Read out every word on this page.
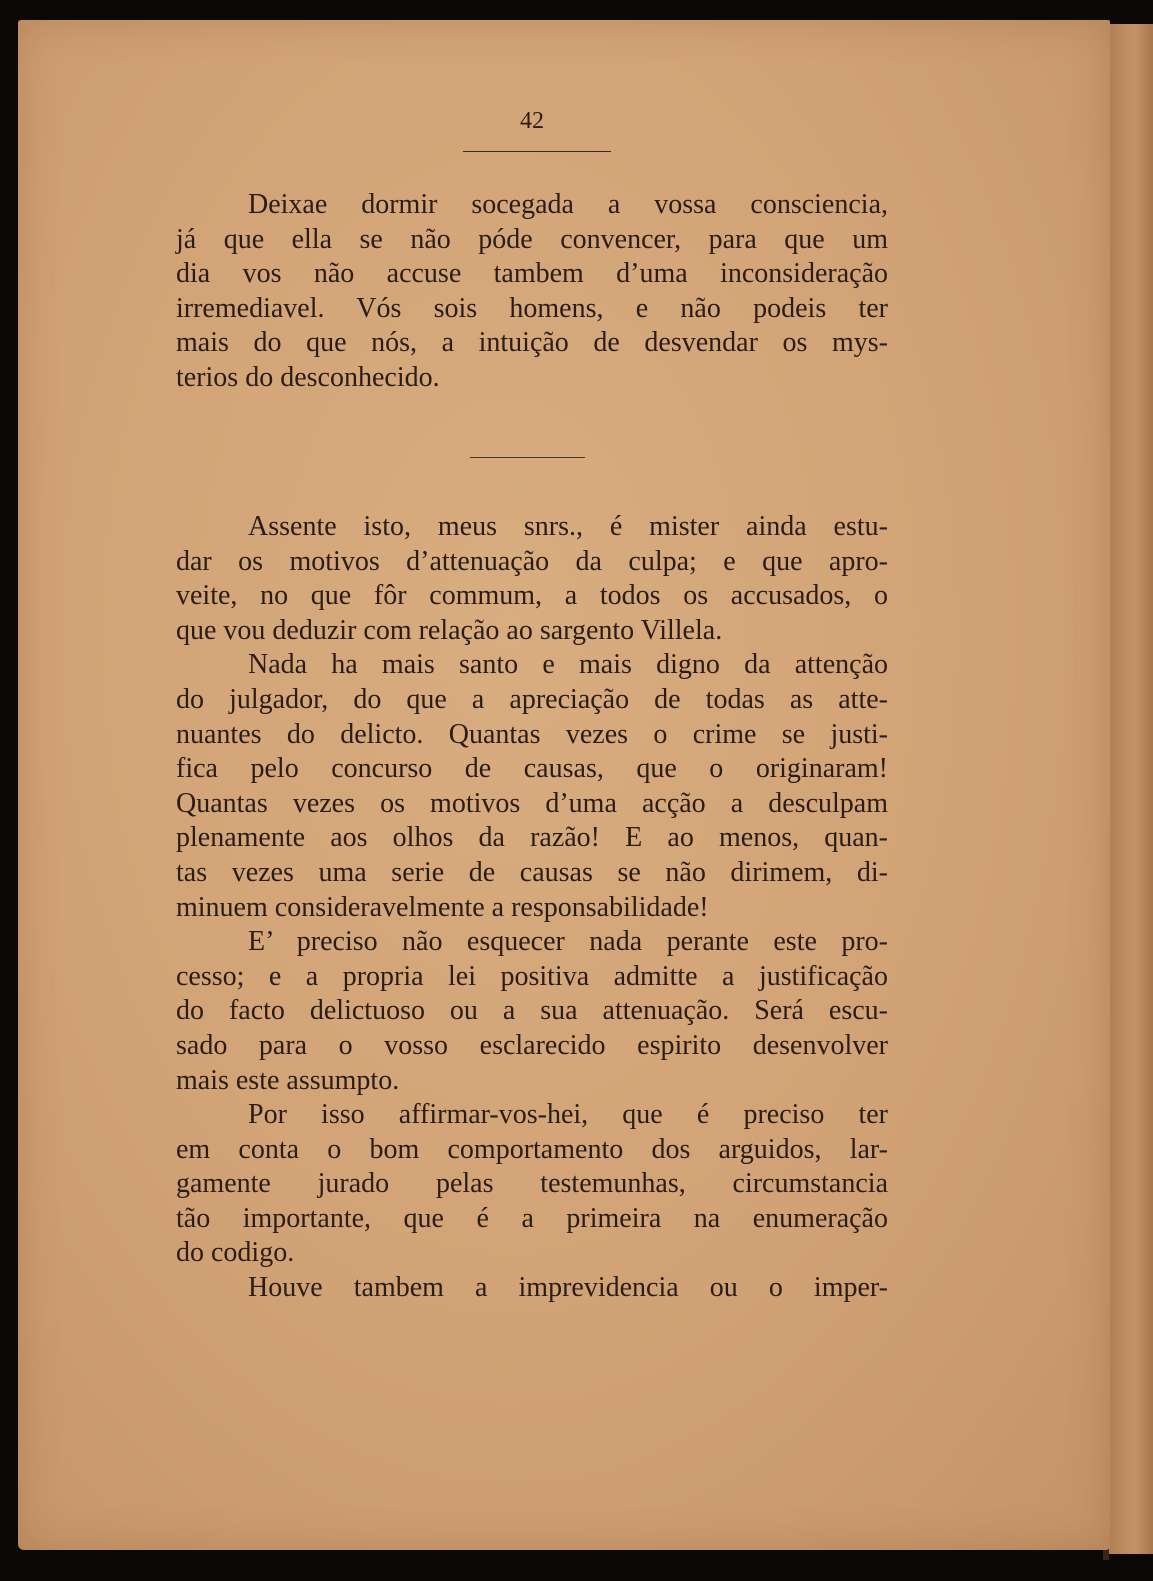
42
Deixae dormir socegada a vossa consciencia,
já que ella se não póde convencer, para que um
dia vos não accuse tambem d’uma inconsideração
irremediavel. Vós sois homens, e não podeis ter
mais do que nós, a intuição de desvendar os mys-
terios do desconhecido.
Assente isto, meus snrs., é mister ainda estu-
dar os motivos d’attenuação da culpa; e que apro-
veite, no que fôr commum, a todos os accusados, o
que vou deduzir com relação ao sargento Villela.
Nada ha mais santo e mais digno da attenção
do julgador, do que a apreciação de todas as atte-
nuantes do delicto. Quantas vezes o crime se justi-
fica pelo concurso de causas, que o originaram!
Quantas vezes os motivos d’uma acção a desculpam
plenamente aos olhos da razão! E ao menos, quan-
tas vezes uma serie de causas se não dirimem, di-
minuem consideravelmente a responsabilidade!
E’ preciso não esquecer nada perante este pro-
cesso; e a propria lei positiva admitte a justificação
do facto delictuoso ou a sua attenuação. Será escu-
sado para o vosso esclarecido espirito desenvolver
mais este assumpto.
Por isso affirmar-vos-hei, que é preciso ter
em conta o bom comportamento dos arguidos, lar-
gamente jurado pelas testemunhas, circumstancia
tão importante, que é a primeira na enumeração
do codigo.
Houve tambem a imprevidencia ou o imper-
